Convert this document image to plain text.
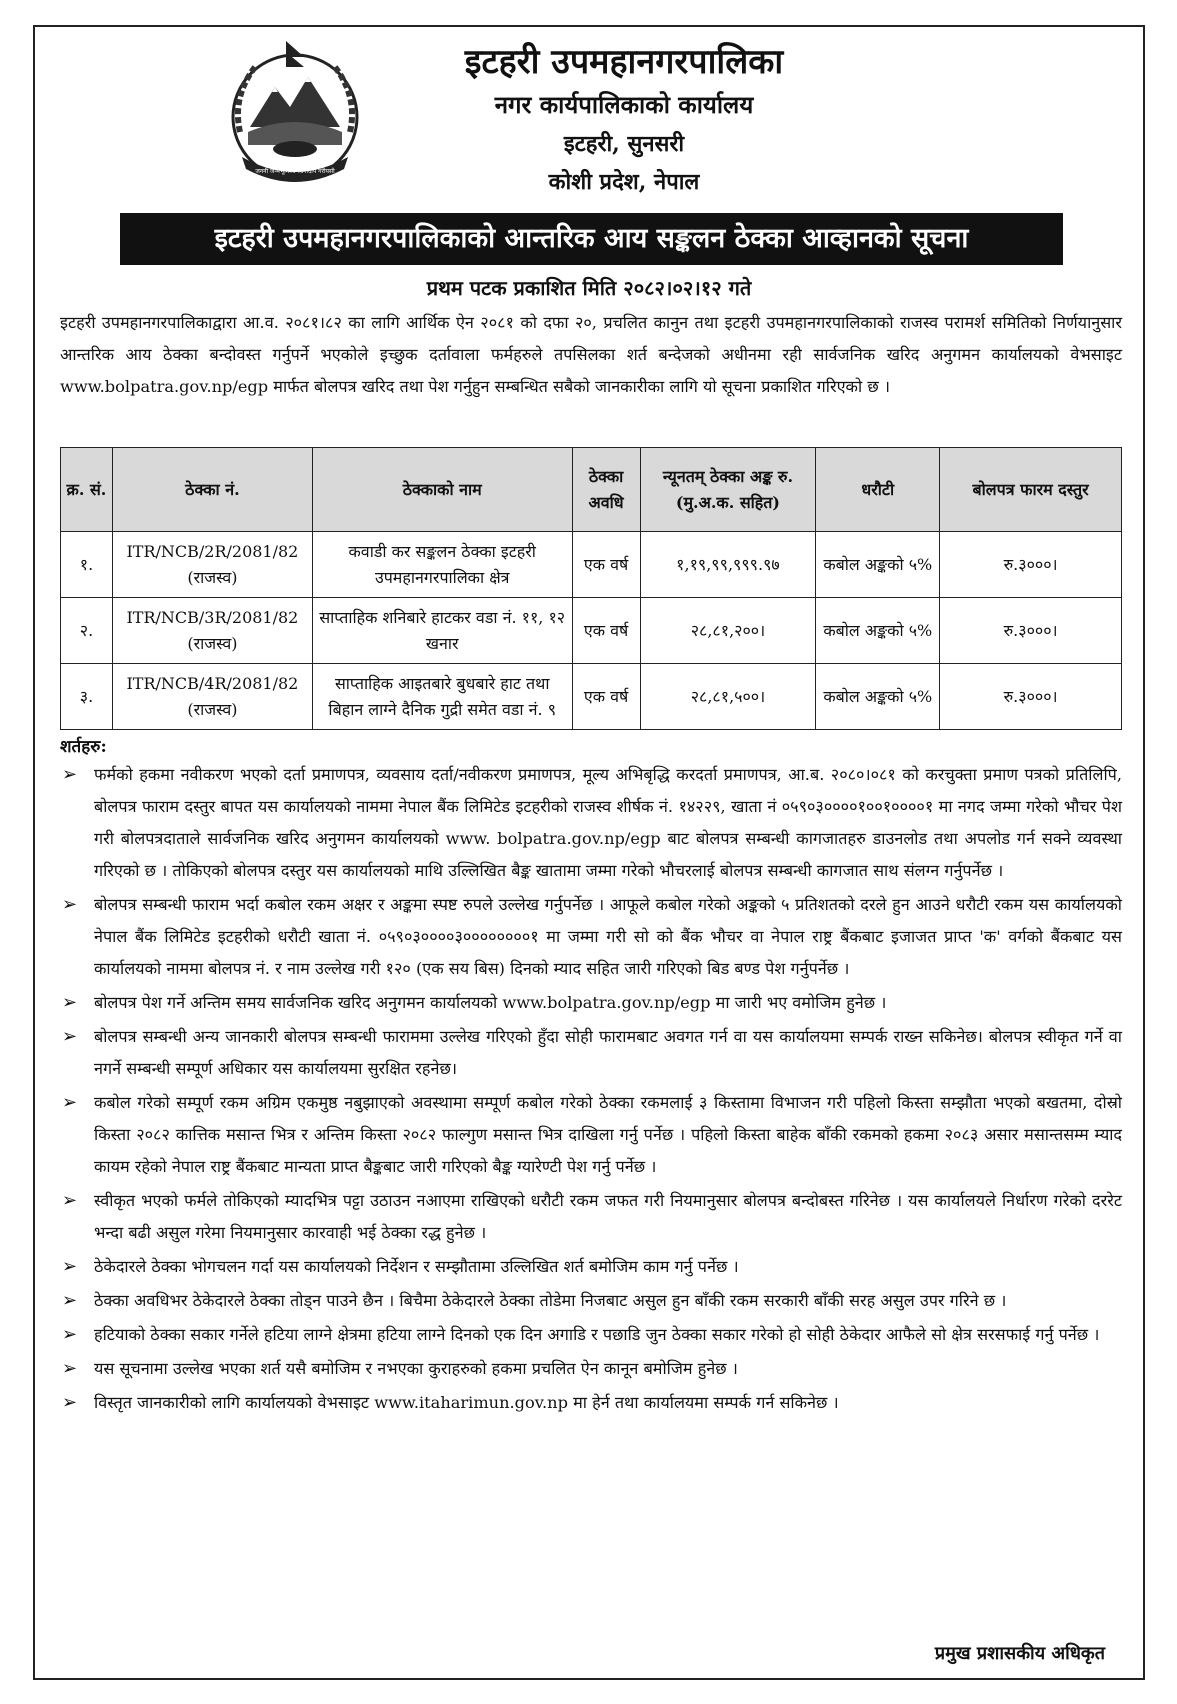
जननी जन्मभूमिश्च स्वर्गादपि गरीयसी
इटहरी उपमहानगरपालिका
नगर कार्यपालिकाको कार्यालय
इटहरी, सुनसरी
कोशी प्रदेश, नेपाल
इटहरी उपमहानगरपालिकाको आन्तरिक आय सङ्कलन ठेक्का आव्हानको सूचना
प्रथम पटक प्रकाशित मिति २०८२।०२।१२ गते

इटहरी उपमहानगरपालिकाद्वारा आ.व. २०८१।८२ का लागि आर्थिक ऐन २०८१ को दफा २०, प्रचलित कानुन तथा इटहरी उपमहानगरपालिकाको राजस्व परामर्श समितिको निर्णयानुसार आन्तरिक आय ठेक्का बन्दोवस्त गर्नुपर्ने भएकोले इच्छुक दर्तावाला फर्महरुले तपसिलका शर्त बन्देजको अधीनमा रही सार्वजनिक खरिद अनुगमन कार्यालयको वेभसाइट www.bolpatra.gov.np/egp मार्फत बोलपत्र खरिद तथा पेश गर्नुहुन सम्बन्धित सबैको जानकारीका लागि यो सूचना प्रकाशित गरिएको छ ।

क्र. सं.	ठेक्का नं.	ठेक्काको नाम	ठेक्का अवधि	न्यूनतम् ठेक्का अङ्क रु. (मु.अ.क. सहित)	धरौटी	बोलपत्र फारम दस्तुर
१.	ITR/NCB/2R/2081/82 (राजस्व)	कवाडी कर सङ्कलन ठेक्का इटहरी उपमहानगरपालिका क्षेत्र	एक वर्ष	१,१९,९९,९९९.९७	कबोल अङ्कको ५%	रु.३०००।
२.	ITR/NCB/3R/2081/82 (राजस्व)	साप्ताहिक शनिबारे हाटकर वडा नं. ११, १२ खनार	एक वर्ष	२८,८१,२००।	कबोल अङ्कको ५%	रु.३०००।
३.	ITR/NCB/4R/2081/82 (राजस्व)	साप्ताहिक आइतबारे बुधबारे हाट तथा बिहान लाग्ने दैनिक गुद्री समेत वडा नं. ९	एक वर्ष	२८,८१,५००।	कबोल अङ्कको ५%	रु.३०००।
शर्तहरु:
➢ फर्मको हकमा नवीकरण भएको दर्ता प्रमाणपत्र, व्यवसाय दर्ता/नवीकरण प्रमाणपत्र, मूल्य अभिबृद्धि करदर्ता प्रमाणपत्र, आ.ब. २०८०।०८१ को करचुक्ता प्रमाण पत्रको प्रतिलिपि, बोलपत्र फाराम दस्तुर बापत यस कार्यालयको नाममा नेपाल बैंक लिमिटेड इटहरीको राजस्व शीर्षक नं. १४२२९, खाता नं ०५९०३००००१००१००००१ मा नगद जम्मा गरेको भौचर पेश गरी बोलपत्रदाताले सार्वजनिक खरिद अनुगमन कार्यालयको www. bolpatra.gov.np/egp बाट बोलपत्र सम्बन्धी कागजातहरु डाउनलोड तथा अपलोड गर्न सक्ने व्यवस्था गरिएको छ । तोकिएको बोलपत्र दस्तुर यस कार्यालयको माथि उल्लिखित बैङ्क खातामा जम्मा गरेको भौचरलाई बोलपत्र सम्बन्धी कागजात साथ संलग्न गर्नुपर्नेछ ।
➢ बोलपत्र सम्बन्धी फाराम भर्दा कबोल रकम अक्षर र अङ्कमा स्पष्ट रुपले उल्लेख गर्नुपर्नेछ । आफूले कबोल गरेको अङ्कको ५ प्रतिशतको दरले हुन आउने धरौटी रकम यस कार्यालयको नेपाल बैंक लिमिटेड इटहरीको धरौटी खाता नं. ०५९०३००००३००००००००१ मा जम्मा गरी सो को बैंक भौचर वा नेपाल राष्ट्र बैंकबाट इजाजत प्राप्त 'क' वर्गको बैंकबाट यस कार्यालयको नाममा बोलपत्र नं. र नाम उल्लेख गरी १२० (एक सय बिस) दिनको म्याद सहित जारी गरिएको बिड बण्ड पेश गर्नुपर्नेछ ।
➢ बोलपत्र पेश गर्ने अन्तिम समय सार्वजनिक खरिद अनुगमन कार्यालयको www.bolpatra.gov.np/egp मा जारी भए वमोजिम हुनेछ ।
➢ बोलपत्र सम्बन्धी अन्य जानकारी बोलपत्र सम्बन्धी फाराममा उल्लेख गरिएको हुँदा सोही फारामबाट अवगत गर्न वा यस कार्यालयमा सम्पर्क राख्न सकिनेछ। बोलपत्र स्वीकृत गर्ने वा नगर्ने सम्बन्धी सम्पूर्ण अधिकार यस कार्यालयमा सुरक्षित रहनेछ।
➢ कबोल गरेको सम्पूर्ण रकम अग्रिम एकमुष्ठ नबुझाएको अवस्थामा सम्पूर्ण कबोल गरेको ठेक्का रकमलाई ३ किस्तामा विभाजन गरी पहिलो किस्ता सम्झौता भएको बखतमा, दोस्रो किस्ता २०८२ कात्तिक मसान्त भित्र र अन्तिम किस्ता २०८२ फाल्गुण मसान्त भित्र दाखिला गर्नु पर्नेछ । पहिलो किस्ता बाहेक बाँकी रकमको हकमा २०८३ असार मसान्तसम्म म्याद कायम रहेको नेपाल राष्ट्र बैंकबाट मान्यता प्राप्त बैङ्कबाट जारी गरिएको बैङ्क ग्यारेण्टी पेश गर्नु पर्नेछ ।
➢ स्वीकृत भएको फर्मले तोकिएको म्यादभित्र पट्टा उठाउन नआएमा राखिएको धरौटी रकम जफत गरी नियमानुसार बोलपत्र बन्दोबस्त गरिनेछ । यस कार्यालयले निर्धारण गरेको दररेट भन्दा बढी असुल गरेमा नियमानुसार कारवाही भई ठेक्का रद्ध हुनेछ ।
➢ ठेकेदारले ठेक्का भोगचलन गर्दा यस कार्यालयको निर्देशन र सम्झौतामा उल्लिखित शर्त बमोजिम काम गर्नु पर्नेछ ।
➢ ठेक्का अवधिभर ठेकेदारले ठेक्का तोड्न पाउने छैन । बिचैमा ठेकेदारले ठेक्का तोडेमा निजबाट असुल हुन बाँकी रकम सरकारी बाँकी सरह असुल उपर गरिने छ ।
➢ हटियाको ठेक्का सकार गर्नेले हटिया लाग्ने क्षेत्रमा हटिया लाग्ने दिनको एक दिन अगाडि र पछाडि जुन ठेक्का सकार गरेको हो सोही ठेकेदार आफैले सो क्षेत्र सरसफाई गर्नु पर्नेछ ।
➢ यस सूचनामा उल्लेख भएका शर्त यसै बमोजिम र नभएका कुराहरुको हकमा प्रचलित ऐन कानून बमोजिम हुनेछ ।
➢ विस्तृत जानकारीको लागि कार्यालयको वेभसाइट www.itaharimun.gov.np मा हेर्न तथा कार्यालयमा सम्पर्क गर्न सकिनेछ ।
प्रमुख प्रशासकीय अधिकृत
